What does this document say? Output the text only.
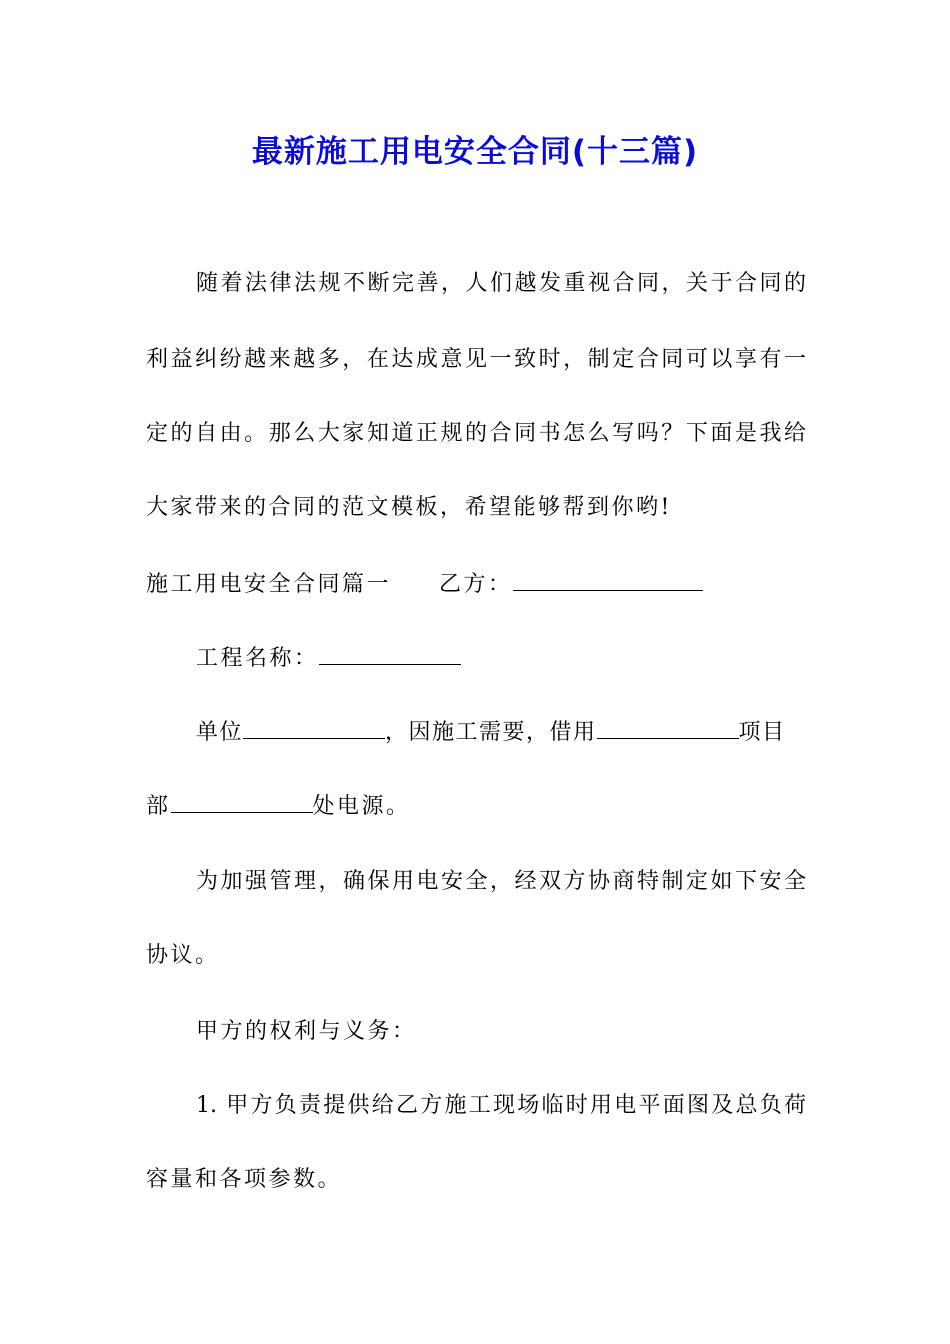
最新施工用电安全合同(十三篇)
随着法律法规不断完善，人们越发重视合同，关于合同的
利益纠纷越来越多，在达成意见一致时，制定合同可以享有一
定的自由。那么大家知道正规的合同书怎么写吗？下面是我给
大家带来的合同的范文模板，希望能够帮到你哟!
施工用电安全合同篇一 乙方：
工程名称：
单位	，因施工需要，借用	项目
部	处电源。
为加强管理，确保用电安全，经双方协商特制定如下安全
协议。
甲方的权利与义务：
1. 甲方负责提供给乙方施工现场临时用电平面图及总负荷
容量和各项参数。
